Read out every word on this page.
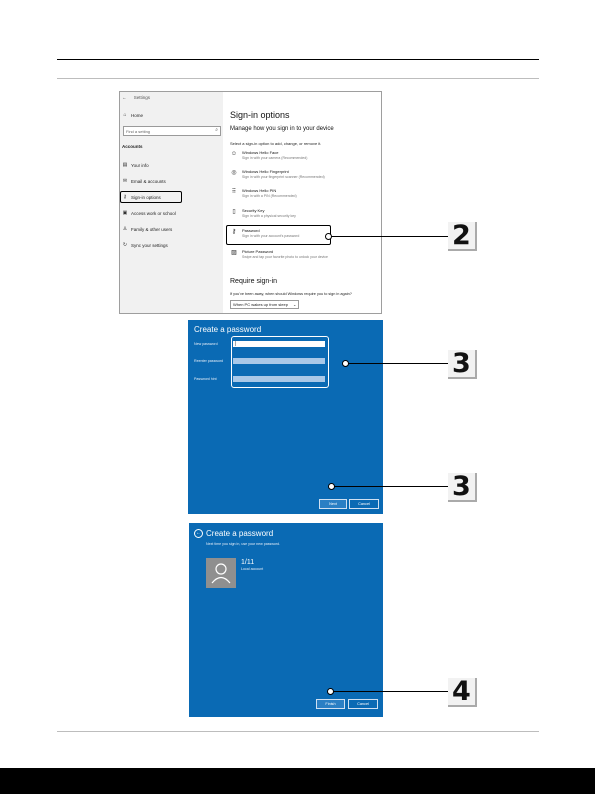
← Settings
⌂ Home
Find a setting	⌕
Accounts
▤ Your info
✉ Email & accounts
⚷ Sign-in options
▣ Access work or school
♙ Family & other users
↻ Sync your settings
Sign-in options
Manage how you sign in to your device
Select a sign-in option to add, change, or remove it.
☺ Windows Hello Face
Sign in with your camera (Recommended)
◎	Windows Hello Fingerprint
Sign in with your fingerprint scanner (Recommended)
⠿	Windows Hello PIN
Sign in with a PIN (Recommended)
▯	Security Key
Sign in with a physical security key
⚷	Password
Sign in with your account's password
▨ Picture Password
Swipe and tap your favorite photo to unlock your device
Require sign-in
If you've been away, when should Windows require you to sign in again?
When PC wakes up from sleep ⌄
Create a password
New password
Reenter password
Password hint
|
Next	Cancel
← Create a password
Next time you sign in, use your new password.
1/11
Local account
Finish	Cancel
2
3
3
4
